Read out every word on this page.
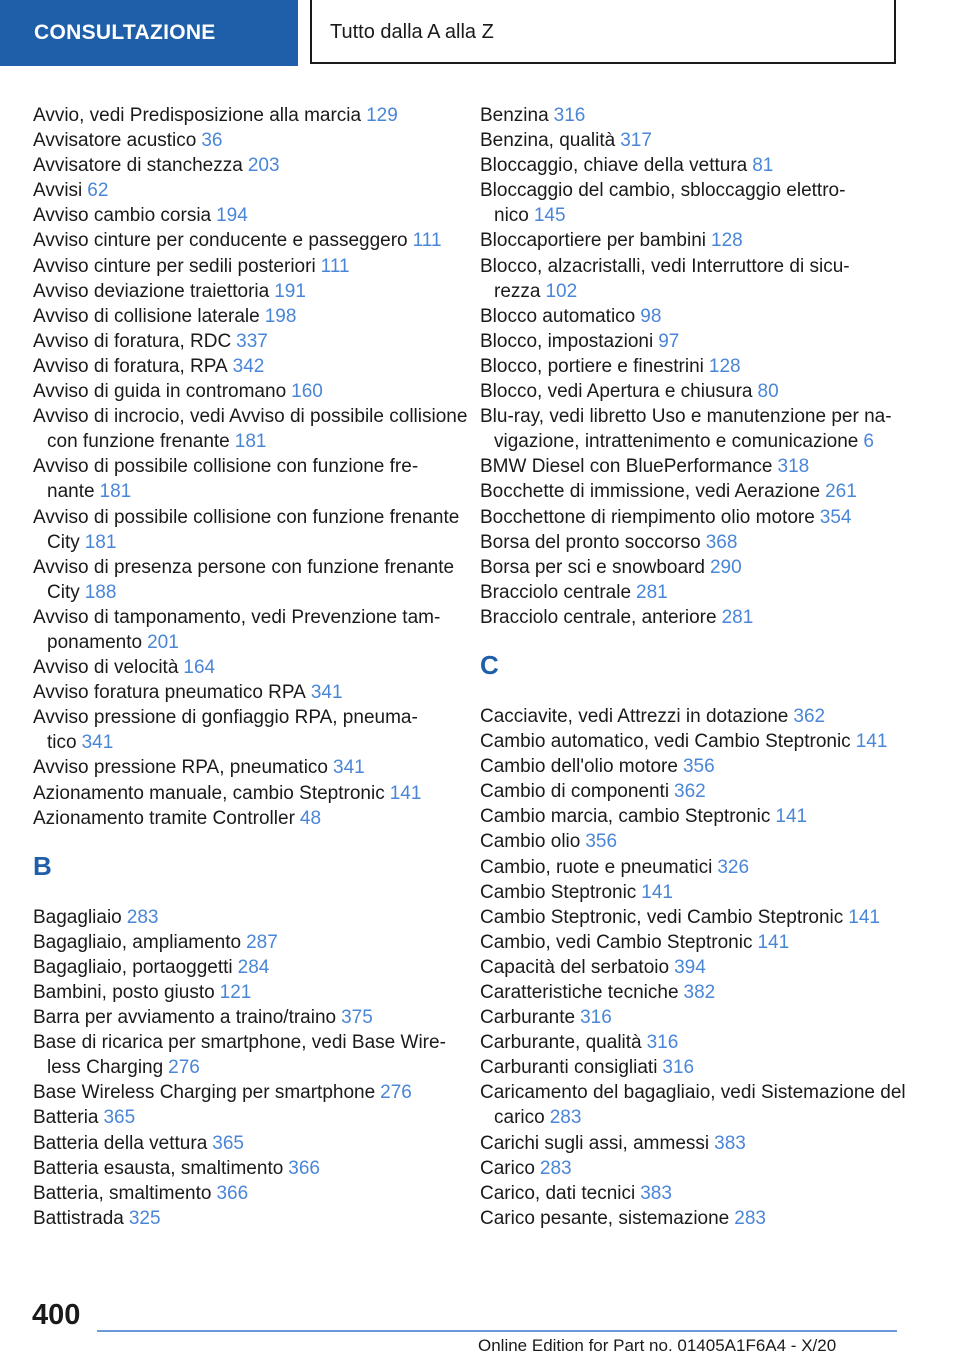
CONSULTAZIONE	Tutto dalla A alla Z
Avvio, vedi Predisposizione alla marcia 129
Avvisatore acustico 36
Avvisatore di stanchezza 203
Avvisi 62
Avviso cambio corsia 194
Avviso cinture per conducente e passeggero 111
Avviso cinture per sedili posteriori 111
Avviso deviazione traiettoria 191
Avviso di collisione laterale 198
Avviso di foratura, RDC 337
Avviso di foratura, RPA 342
Avviso di guida in contromano 160
Avviso di incrocio, vedi Avviso di possibile collisione con funzione frenante 181
Avviso di possibile collisione con funzione frenante 181
Avviso di possibile collisione con funzione frenante City 181
Avviso di presenza persone con funzione frenante City 188
Avviso di tamponamento, vedi Prevenzione tamponamento 201
Avviso di velocità 164
Avviso foratura pneumatico RPA 341
Avviso pressione di gonfiaggio RPA, pneumatico 341
Avviso pressione RPA, pneumatico 341
Azionamento manuale, cambio Steptronic 141
Azionamento tramite Controller 48
B
Bagagliaio 283
Bagagliaio, ampliamento 287
Bagagliaio, portaoggetti 284
Bambini, posto giusto 121
Barra per avviamento a traino/traino 375
Base di ricarica per smartphone, vedi Base Wireless Charging 276
Base Wireless Charging per smartphone 276
Batteria 365
Batteria della vettura 365
Batteria esausta, smaltimento 366
Batteria, smaltimento 366
Battistrada 325
Benzina 316
Benzina, qualità 317
Bloccaggio, chiave della vettura 81
Bloccaggio del cambio, sbloccaggio elettronico 145
Bloccaportiere per bambini 128
Blocco, alzacristalli, vedi Interruttore di sicurezza 102
Blocco automatico 98
Blocco, impostazioni 97
Blocco, portiere e finestrini 128
Blocco, vedi Apertura e chiusura 80
Blu-ray, vedi libretto Uso e manutenzione per navigazione, intrattenimento e comunicazione 6
BMW Diesel con BluePerformance 318
Bocchette di immissione, vedi Aerazione 261
Bocchettone di riempimento olio motore 354
Borsa del pronto soccorso 368
Borsa per sci e snowboard 290
Bracciolo centrale 281
Bracciolo centrale, anteriore 281
C
Cacciavite, vedi Attrezzi in dotazione 362
Cambio automatico, vedi Cambio Steptronic 141
Cambio dell'olio motore 356
Cambio di componenti 362
Cambio marcia, cambio Steptronic 141
Cambio olio 356
Cambio, ruote e pneumatici 326
Cambio Steptronic 141
Cambio Steptronic, vedi Cambio Steptronic 141
Cambio, vedi Cambio Steptronic 141
Capacità del serbatoio 394
Caratteristiche tecniche 382
Carburante 316
Carburante, qualità 316
Carburanti consigliati 316
Caricamento del bagagliaio, vedi Sistemazione del carico 283
Carichi sugli assi, ammessi 383
Carico 283
Carico, dati tecnici 383
Carico pesante, sistemazione 283
400
Online Edition for Part no. 01405A1F6A4 - X/20
